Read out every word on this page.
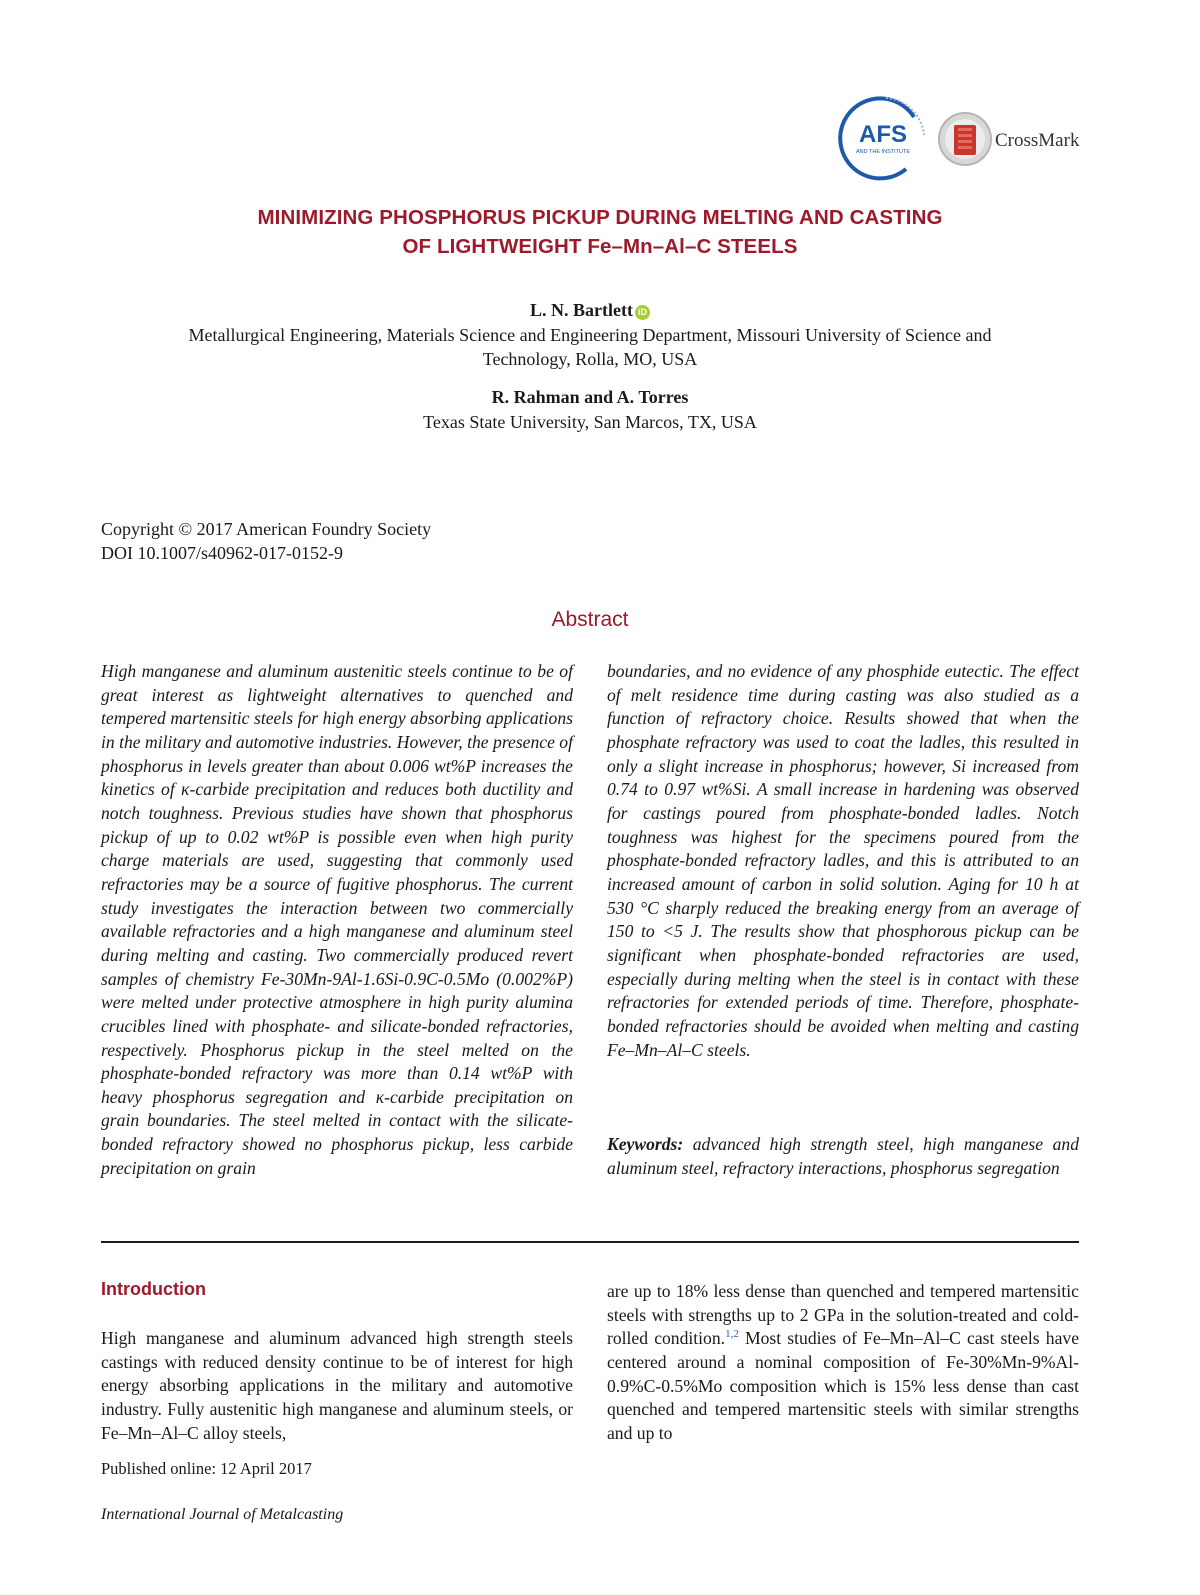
AFS
AND THE INSTITUTE
CrossMark
MINIMIZING PHOSPHORUS PICKUP DURING MELTING AND CASTING
OF LIGHTWEIGHT Fe–Mn–Al–C STEELS
L. N. Bartlett iD
Metallurgical Engineering, Materials Science and Engineering Department, Missouri University of Science and
Technology, Rolla, MO, USA
R. Rahman and A. Torres
Texas State University, San Marcos, TX, USA
Copyright © 2017 American Foundry Society
DOI 10.1007/s40962-017-0152-9
Abstract
High manganese and aluminum austenitic steels continue to be of great interest as lightweight alternatives to quenched and tempered martensitic steels for high energy absorbing applications in the military and automotive industries. However, the presence of phosphorus in levels greater than about 0.006 wt%P increases the kinetics of κ-carbide precipitation and reduces both ductility and notch toughness. Previous studies have shown that phosphorus pickup of up to 0.02 wt%P is possible even when high purity charge materials are used, suggesting that commonly used refractories may be a source of fugitive phosphorus. The current study investigates the interaction between two commercially available refractories and a high manganese and aluminum steel during melting and casting. Two commercially produced revert samples of chemistry Fe-30Mn-9Al-1.6Si-0.9C-0.5Mo (0.002%P) were melted under protective atmosphere in high purity alumina crucibles lined with phosphate- and silicate-bonded refractories, respectively. Phosphorus pickup in the steel melted on the phosphate-bonded refractory was more than 0.14 wt%P with heavy phosphorus segregation and κ-carbide precipitation on grain boundaries. The steel melted in contact with the silicate-bonded refractory showed no phosphorus pickup, less carbide precipitation on grain
boundaries, and no evidence of any phosphide eutectic. The effect of melt residence time during casting was also studied as a function of refractory choice. Results showed that when the phosphate refractory was used to coat the ladles, this resulted in only a slight increase in phosphorus; however, Si increased from 0.74 to 0.97 wt%Si. A small increase in hardening was observed for castings poured from phosphate-bonded ladles. Notch toughness was highest for the specimens poured from the phosphate-bonded refractory ladles, and this is attributed to an increased amount of carbon in solid solution. Aging for 10 h at 530 °C sharply reduced the breaking energy from an average of 150 to <5 J. The results show that phosphorous pickup can be significant when phosphate-bonded refractories are used, especially during melting when the steel is in contact with these refractories for extended periods of time. Therefore, phosphate-bonded refractories should be avoided when melting and casting Fe–Mn–Al–C steels.
Keywords: advanced high strength steel, high manganese and aluminum steel, refractory interactions, phosphorus segregation
Introduction
High manganese and aluminum advanced high strength steels castings with reduced density continue to be of interest for high energy absorbing applications in the military and automotive industry. Fully austenitic high manganese and aluminum steels, or Fe–Mn–Al–C alloy steels,
are up to 18% less dense than quenched and tempered martensitic steels with strengths up to 2 GPa in the solution-treated and cold-rolled condition.$^{1,2}$ Most studies of Fe–Mn–Al–C cast steels have centered around a nominal composition of Fe-30%Mn-9%Al-0.9%C-0.5%Mo composition which is 15% less dense than cast quenched and tempered martensitic steels with similar strengths and up to
Published online: 12 April 2017
International Journal of Metalcasting
